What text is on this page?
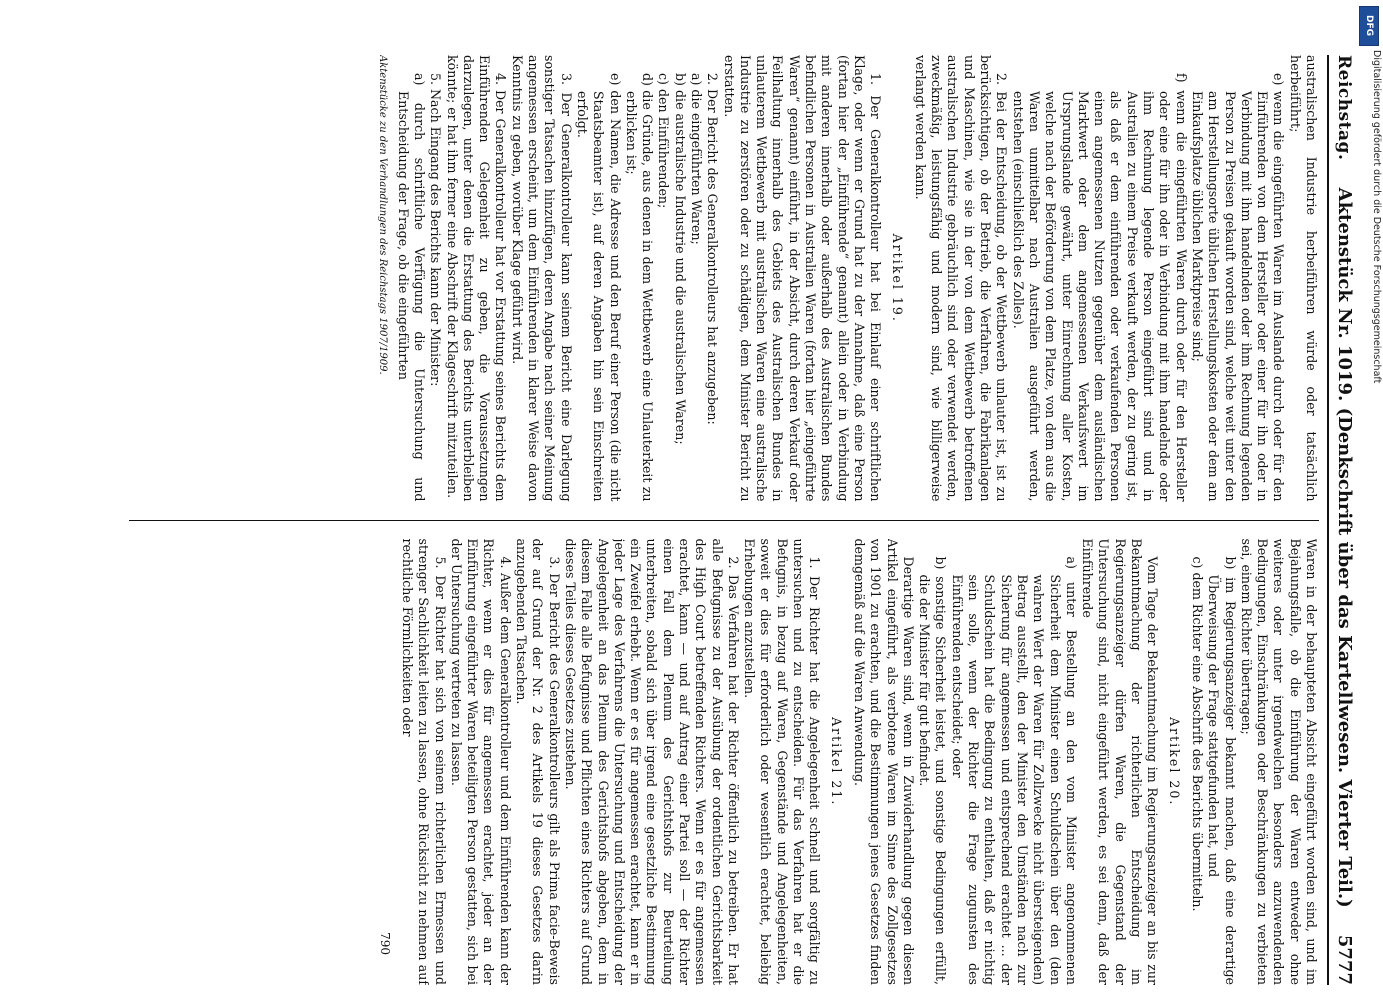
Reichstag.
Aktenstück Nr. 1019. (Denkschrift über das Kartellwesen. Vierter Teil.)
5777

australischen Industrie herbeiführen würde oder tatsächlich herbeiführt;

e) wenn die eingeführten Waren im Auslande durch oder für den Einführenden von dem Hersteller oder einer für ihn oder in Verbindung mit ihm handelnden oder ihm Rechnung legenden Person zu Preisen gekauft worden sind, welche weit unter den am Herstellungsorte üblichen Herstellungskosten oder dem am Einkaufsplatze üblichen Marktpreise sind;

f) wenn die eingeführten Waren durch oder für den Hersteller oder eine für ihn oder in Verbindung mit ihm handelnde oder ihm Rechnung legende Person eingeführt sind und in Australien zu einem Preise verkauft werden, der zu gering ist, als daß er dem einführenden oder verkaufenden Personen einen angemessenen Nutzen gegenüber dem ausländischen Marktwert oder dem angemessenen Verkaufswert im Ursprungslande gewährt, unter Einrechnung aller Kosten, welche nach der Beförderung von dem Platze, von dem aus die Waren unmittelbar nach Australien ausgeführt werden, entstehen (einschließlich des Zolles).

2. Bei der Entscheidung, ob der Wettbewerb unlauter ist, ist zu berücksichtigen, ob der Betrieb, die Verfahren, die Fabrikanlagen und Maschinen, wie sie in der von dem Wettbewerb betroffenen australischen Industrie gebräuchlich sind oder verwendet werden, zweckmäßig, leistungsfähig und modern sind, wie billigerweise verlangt werden kann.

Artikel 19.

1. Der Generalkontrolleur hat bei Einlauf einer schriftlichen Klage, oder wenn er Grund hat zu der Annahme, daß eine Person (fortan hier der „Einführende“ genannt) allein oder in Verbindung mit anderen innerhalb oder außerhalb des Australischen Bundes befindlichen Personen in Australien Waren (fortan hier „eingeführte Waren“ genannt) einführt, in der Absicht, durch deren Verkauf oder Feilhaltung innerhalb des Gebiets des Australischen Bundes in unlauterem Wettbewerb mit australischen Waren eine australische Industrie zu zerstören oder zu schädigen, dem Minister Bericht zu erstatten.

2. Der Bericht des Generalkontrolleurs hat anzugeben:

a) die eingeführten Waren;

b) die australische Industrie und die australischen Waren;

c) den Einführenden;

d) die Gründe, aus denen in dem Wettbewerb eine Unlauterkeit zu erblicken ist;

e) den Namen, die Adresse und den Beruf einer Person (die nicht Staatsbeamter ist), auf deren Angaben hin sein Einschreiten erfolgt.

3. Der Generalkontrolleur kann seinem Bericht eine Darlegung sonstiger Tatsachen hinzufügen, deren Angabe nach seiner Meinung angemessen erscheint, um dem Einführenden in klarer Weise davon Kenntnis zu geben, worüber Klage geführt wird.

4. Der Generalkontrolleur hat vor Erstattung seines Berichts dem Einführenden Gelegenheit zu geben, die Voraussetzungen darzulegen, unter denen die Erstattung des Berichts unterbleiben könnte; er hat ihm ferner eine Abschrift der Klageschrift mitzuteilen.

5. Nach Eingang des Berichts kann der Minister:

a) durch schriftliche Verfügung die Untersuchung und Entscheidung der Frage, ob die eingeführten

Aktenstücke zu den Verhandlungen des Reichstags 1907/1909.

Waren in der behaupteten Absicht eingeführt worden sind, und im Bejahungsfalle, ob die Einführung der Waren entweder ohne weiteres oder unter irgendwelchen besonders anzuwendenden Bedingungen, Einschränkungen oder Beschränkungen zu verbieten sei, einem Richter übertragen;

b) im Regierungsanzeiger bekannt machen, daß eine derartige Überweisung der Frage stattgefunden hat, und

c) dem Richter eine Abschrift des Berichts übermitteln.

Artikel 20.

Vom Tage der Bekanntmachung im Regierungsanzeiger an bis zur Bekanntmachung der richterlichen Entscheidung im Regierungsanzeiger dürfen Waren, die Gegenstand der Untersuchung sind, nicht eingeführt werden, es sei denn, daß der Einführende

a) unter Bestellung an den vom Minister angenommenen Sicherheit dem Minister einen Schuldschein über den (den wahren Wert der Waren für Zollzwecke nicht übersteigenden) Betrag ausstellt, den der Minister den Umständen nach zur Sicherung für angemessen und entsprechend erachtet ... der Schuldschein hat die Bedingung zu enthalten, daß er nichtig sein solle, wenn der Richter die Frage zugunsten des Einführenden entscheidet; oder

b) sonstige Sicherheit leistet, und sonstige Bedingungen erfüllt, die der Minister für gut befindet.

Derartige Waren sind, wenn in Zuwiderhandlung gegen diesen Artikel eingeführt, als verbotene Waren im Sinne des Zollgesetzes von 1901 zu erachten, und die Bestimmungen jenes Gesetzes finden demgemäß auf die Waren Anwendung.

Artikel 21.

1. Der Richter hat die Angelegenheit schnell und sorgfältig zu untersuchen und zu entscheiden. Für das Verfahren hat er die Befugnis, in bezug auf Waren, Gegenstände und Angelegenheiten, soweit er dies für erforderlich oder wesentlich erachtet, beliebig Erhebungen anzustellen.

2. Das Verfahren hat der Richter öffentlich zu betreiben. Er hat alle Befugnisse zu der Ausübung der ordentlichen Gerichtsbarkeit des High Court betreffenden Richters. Wenn er es für angemessen erachtet, kann — und auf Antrag einer Partei soll — der Richter einen Fall dem Plenum des Gerichtshofs zur Beurteilung unterbreiten, sobald sich über irgend eine gesetzliche Bestimmung ein Zweifel erhebt. Wenn er es für angemessen erachtet, kann er in jeder Lage des Verfahrens die Untersuchung und Entscheidung der Angelegenheit an das Plenum des Gerichtshofs abgeben, dem in diesem Falle alle Befugnisse und Pflichten eines Richters auf Grund dieses Teiles dieses Gesetzes zustehen.

3. Der Bericht des Generalkontrolleurs gilt als Prima facie-Beweis der auf Grund der Nr. 2 des Artikels 19 dieses Gesetzes darin anzugebenden Tatsachen.

4. Außer dem Generalkontrolleur und dem Einführenden kann der Richter, wenn er dies für angemessen erachtet, jeder an der Einführung eingeführter Waren beteiligten Person gestatten, sich bei der Untersuchung vertreten zu lassen.

5. Der Richter hat sich von seinem richterlichen Ermessen und strenger Sachlichkeit leiten zu lassen, ohne Rücksicht zu nehmen auf rechtliche Förmlichkeiten oder

790
DFG
Digitalisierung gefördert durch die Deutsche Forschungsgemeinschaft
